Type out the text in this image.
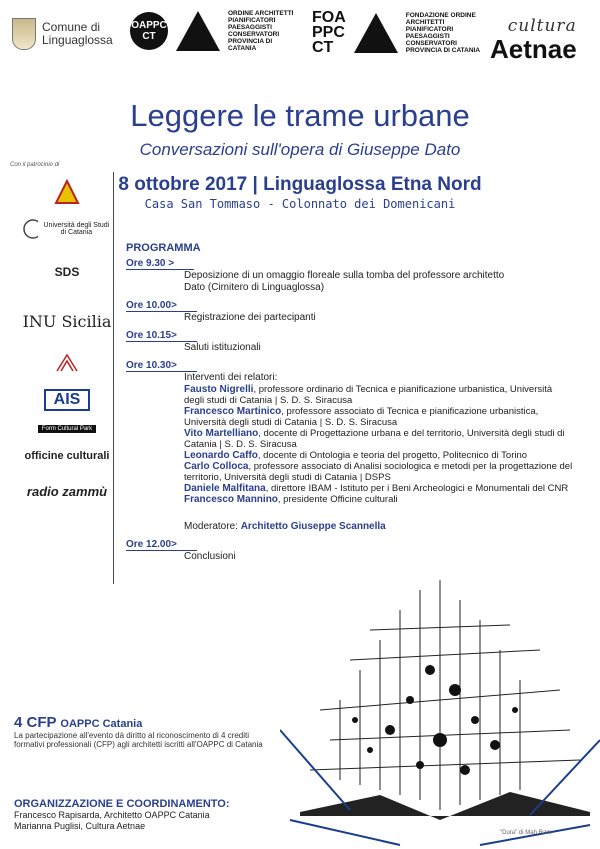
Comune di
Linguaglossa
OAPPC
CT
ORDINE ARCHITETTI PIANIFICATORI PAESAGGISTI CONSERVATORI PROVINCIA DI CATANIA
FOA
PPC
CT
FONDAZIONE ORDINE ARCHITETTI PIANIFICATORI PAESAGGISTI CONSERVATORI PROVINCIA DI CATANIA
cultura
Aetnae
Leggere le trame urbane
Conversazioni sull'opera di Giuseppe Dato
8 ottobre 2017 | Linguaglossa Etna Nord
Casa San Tommaso - Colonnato dei Domenicani
Con il patrocinio di
Università degli Studi di Catania
SDS
INU Sicilia
AIS
Form Cultural Park
officine culturali
radio zammù
PROGRAMMA
Ore 9.30 >
Deposizione di un omaggio floreale sulla tomba del professore architetto Dato (Cimitero di Linguaglossa)
Ore 10.00>
Registrazione dei partecipanti
Ore 10.15>
Saluti istituzionali
Ore 10.30>
Interventi dei relatori:
Fausto Nigrelli, professore ordinario di Tecnica e pianificazione urbanistica, Università degli studi di Catania | S. D. S. Siracusa
Francesco Martinico, professore associato di Tecnica e pianificazione urbanistica, Università degli studi di Catania | S. D. S. Siracusa
Vito Martelliano, docente di Progettazione urbana e del territorio, Università degli studi di Catania | S. D. S. Siracusa
Leonardo Caffo, docente di Ontologia e teoria del progetto, Politecnico di Torino
Carlo Colloca, professore associato di Analisi sociologica e metodi per la progettazione del territorio, Università degli studi di Catania | DSPS
Daniele Malfitana, direttore IBAM - Istituto per i Beni Archeologici e Monumentali del CNR
Francesco Mannino, presidente Officine culturali
Moderatore: Architetto Giuseppe Scannella
Ore 12.00>
Conclusioni
"Dura" di Mah Ram
4 CFP OAPPC Catania
La partecipazione all'evento dà diritto al riconoscimento di 4 crediti formativi professionali (CFP) agli architetti iscritti all'OAPPC di Catania
ORGANIZZAZIONE E COORDINAMENTO:
Francesco Rapisarda, Architetto OAPPC Catania
Marianna Puglisi, Cultura Aetnae
